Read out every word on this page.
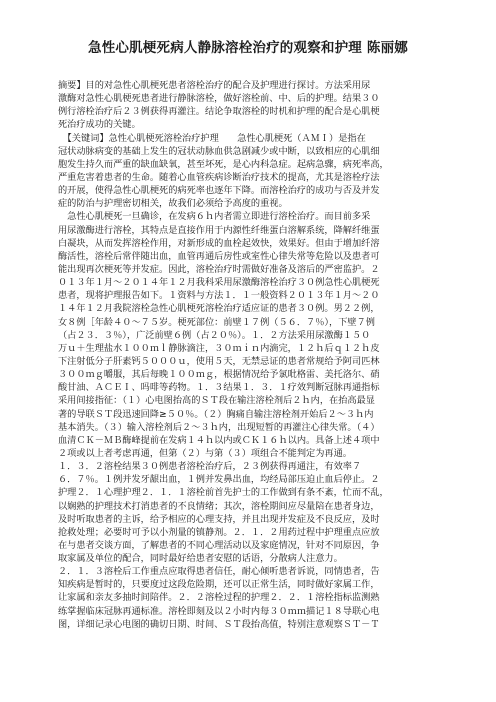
急性心肌梗死病人静脉溶栓治疗的观察和护理 陈丽娜
摘要】目的对急性心肌梗死患者溶栓治疗的配合及护理进行探讨。方法采用尿
激酶对急性心肌梗死患者进行静脉溶栓，做好溶栓前、中、后的护理。结果３０
例行溶栓治疗后２３例获得再灌注。结论争取溶栓的时机和护理的配合是心肌梗
死治疗成功的关键。
　【关键词】急性心肌梗死溶栓治疗护理　　急性心肌梗死（ＡＭＩ）是指在
冠状动脉病变的基础上发生的冠状动脉血供急剧减少或中断，以致相应的心肌细
胞发生持久而严重的缺血缺氧，甚至坏死，是心内科急症。起病急骤，病死率高，
严重危害着患者的生命。随着心血管疾病诊断治疗技术的提高，尤其是溶栓疗法
的开展，使得急性心肌梗死的病死率也逐年下降。而溶栓治疗的成功与否及并发
症的防治与护理密切相关，故我们必须给予高度的重视。
　急性心肌梗死一旦确诊，在发病６ｈ内者需立即进行溶栓治疗。而目前多采
用尿激酶进行溶栓，其特点是直接作用于内源性纤维蛋白溶解系统，降解纤维蛋
白凝块，从而发挥溶栓作用，对新形成的血栓起效快，效果好。但由于增加纤溶
酶活性，溶栓后常伴随出血，血管再通后房性或室性心律失常等危险以及患者可
能出现再次梗死等并发症。因此，溶栓治疗时需做好准备及溶后的严密监护。２
０１３年１月～２０１４年１２月我科采用尿激酶溶栓治疗３０例急性心肌梗死
患者，现将护理报告如下。１资料与方法１．１一般资料２０１３年１月～２０
１４年１２月我院溶栓急性心肌梗死溶栓治疗适应证的患者３０例。男２２例，
女８例［年龄４０～７５岁。梗死部位：前壁１７例（５６．７％），下壁７例
（占２３．３％），广泛前壁６例（占２０％）。１．２方法采用尿激酶１５０
万ｕ＋生理盐水１００ｍｌ静脉滴注，３０ｍｉｎ内滴完，１２ｈ后ｑ１２ｈ皮
下注射低分子肝素钙５０００ｕ，使用５天，无禁忌证的患者常规给予阿司匹林
３００ｍｇ嚼服，其后每晚１００ｍｇ，根据情况给予氯吡格雷、美托洛尔、硝
酸甘油、ＡＣＥＩ、吗啡等药物。１．３结果１．３．１疗效判断冠脉再通指标
采用间接指征：（１）心电图抬高的ＳＴ段在输注溶栓剂后２ｈ内，在抬高最显
著的导联ＳＴ段迅速回降≥５０％。（２）胸痛自输注溶栓剂开始后２～３ｈ内
基本消失。（３）输入溶栓剂后２～３ｈ内，出现短暂的再灌注心律失常。（４）
血清ＣＫ－ＭＢ酶峰提前在发病１４ｈ以内或ＣＫ１６ｈ以内。具备上述４项中
２项或以上者考虑再通，但第（２）与第（３）项组合不能判定为再通。
１．３．２溶栓结果３０例患者溶栓治疗后，２３例获得再通注，有效率７
６．７％。１例并发牙龈出血，１例并发鼻出血，均经局部压迫止血后停止。２
护理２．１心理护理２．１．１溶栓前首先护士的工作做到有条不紊，忙而不乱，
以娴熟的护理技术打消患者的不良情绪；其次，溶栓期间应尽量陪在患者身边，
及时听取患者的主诉，给予相应的心理支持，并且出现并发症及不良反应，及时
抢救处理；必要时可予以小剂量的镇静剂。２．１．２用药过程中护理重点应放
在与患者交谈方面，了解患者的不同心理活动以及家庭情况，针对不同原因，争
取家属及单位的配合，同时最好给患者安慰的话语，分散病人注意力。
２．１．３溶栓后工作重点应取得患者信任，耐心倾听患者诉说，同情患者，告
知疾病是暂时的，只要度过这段危险期，还可以正常生活，同时做好家属工作，
让家属和亲友多抽时间陪伴。２．２溶栓过程的护理２．２．１溶栓指标监测熟
练掌握临床冠脉再通标准。溶栓即刻及以２小时内每３０ｍｍ描记１８导联心电
图，详细记录心电图的确切日期、时间、ＳＴ段抬高值，特别注意观察ＳＴ－Ｔ
